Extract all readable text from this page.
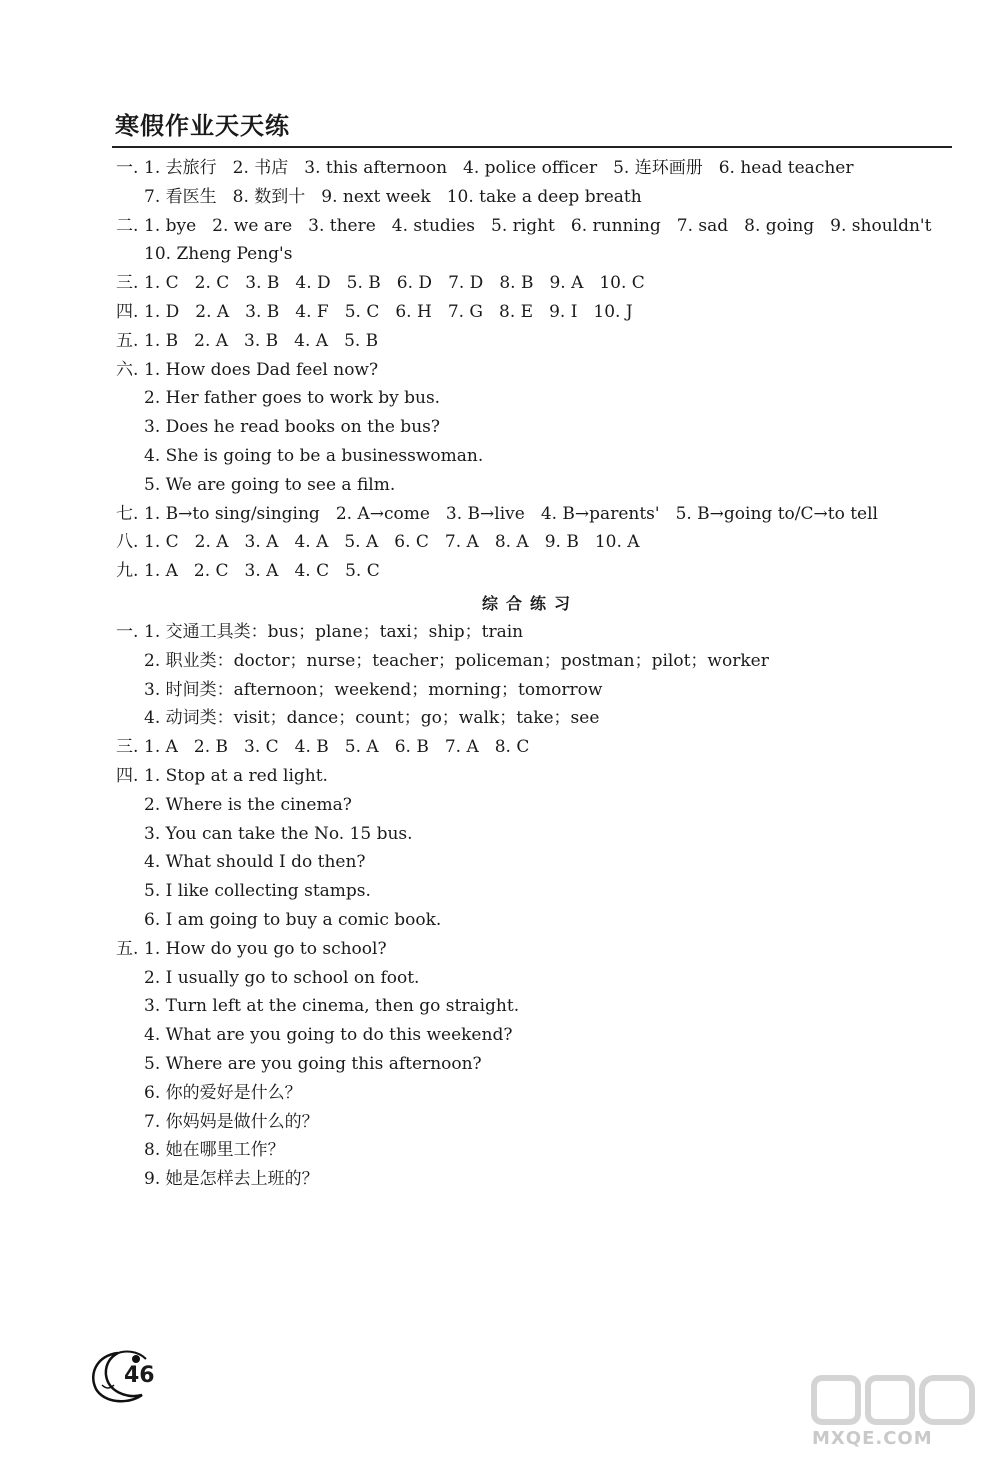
寒假作业天天练
一. 1. 去旅行 2. 书店 3. this afternoon 4. police officer 5. 连环画册 6. head teacher
7. 看医生 8. 数到十 9. next week 10. take a deep breath
二. 1. bye 2. we are 3. there 4. studies 5. right 6. running 7. sad 8. going 9. shouldn't
10. Zheng Peng's
三. 1. C 2. C 3. B 4. D 5. B 6. D 7. D 8. B 9. A 10. C
四. 1. D 2. A 3. B 4. F 5. C 6. H 7. G 8. E 9. I 10. J
五. 1. B 2. A 3. B 4. A 5. B
六. 1. How does Dad feel now?
2. Her father goes to work by bus.
3. Does he read books on the bus?
4. She is going to be a businesswoman.
5. We are going to see a film.
七. 1. B→to sing/singing 2. A→come 3. B→live 4. B→parents' 5. B→going to/C→to tell
八. 1. C 2. A 3. A 4. A 5. A 6. C 7. A 8. A 9. B 10. A
九. 1. A 2. C 3. A 4. C 5. C
一. 1. 交通工具类：bus；plane；taxi；ship；train
2. 职业类：doctor；nurse；teacher；policeman；postman；pilot；worker
3. 时间类：afternoon；weekend；morning；tomorrow
4. 动词类：visit；dance；count；go；walk；take；see
三. 1. A 2. B 3. C 4. B 5. A 6. B 7. A 8. C
四. 1. Stop at a red light.
2. Where is the cinema?
3. You can take the No. 15 bus.
4. What should I do then?
5. I like collecting stamps.
6. I am going to buy a comic book.
五. 1. How do you go to school?
2. I usually go to school on foot.
3. Turn left at the cinema, then go straight.
4. What are you going to do this weekend?
5. Where are you going this afternoon?
6. 你的爱好是什么？
7. 你妈妈是做什么的？
8. 她在哪里工作？
9. 她是怎样去上班的？
综合练习
46
MXQE.COM
